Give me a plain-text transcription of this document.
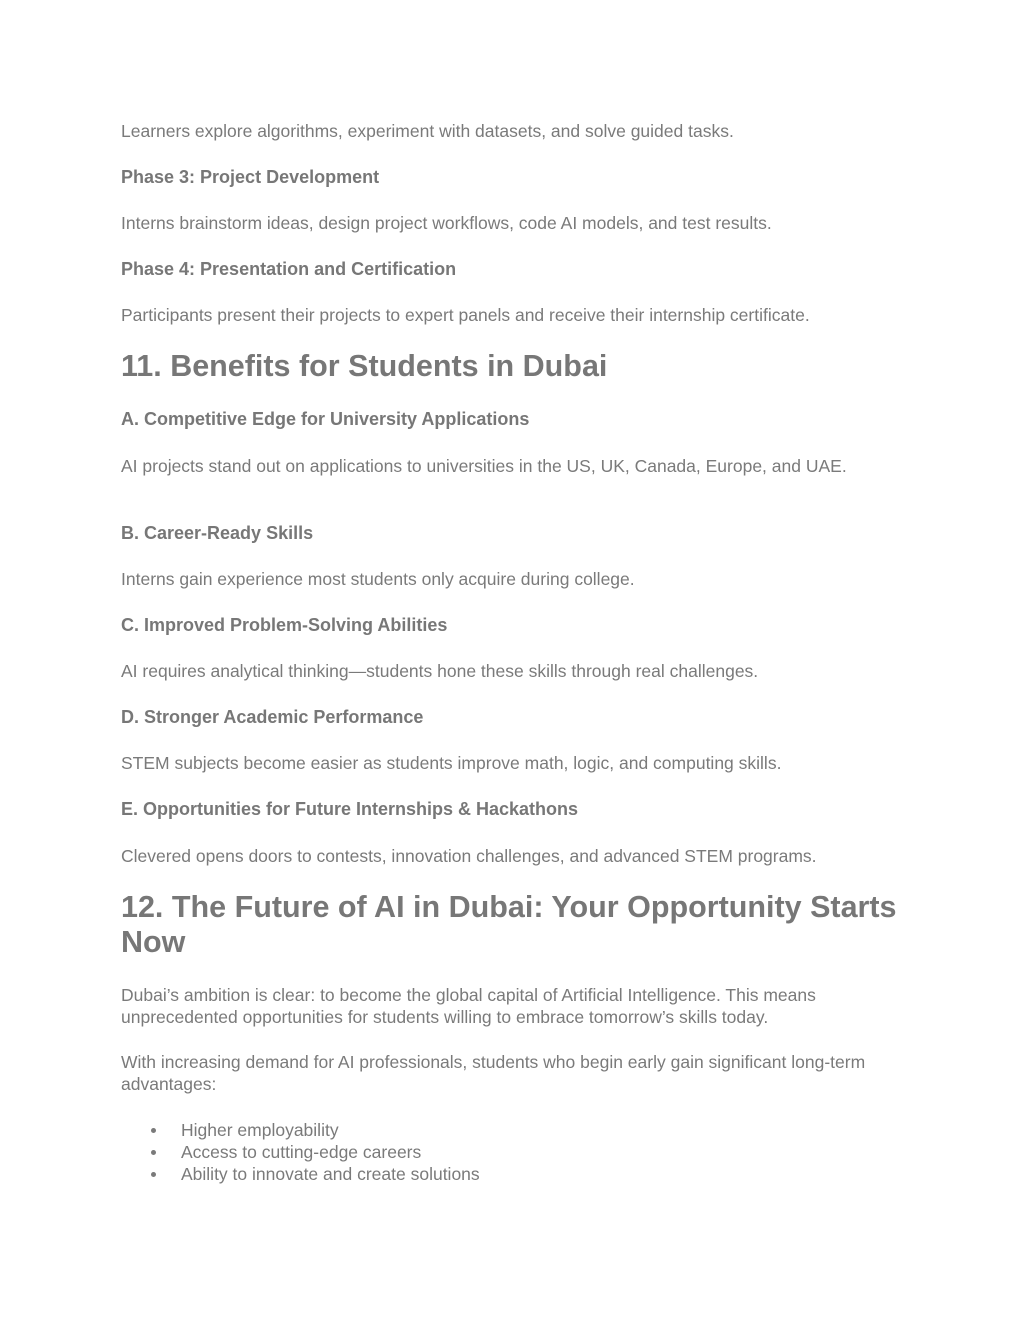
Learners explore algorithms, experiment with datasets, and solve guided tasks.
Phase 3: Project Development
Interns brainstorm ideas, design project workflows, code AI models, and test results.
Phase 4: Presentation and Certification
Participants present their projects to expert panels and receive their internship certificate.
11. Benefits for Students in Dubai
A. Competitive Edge for University Applications
AI projects stand out on applications to universities in the US, UK, Canada, Europe, and UAE.
B. Career-Ready Skills
Interns gain experience most students only acquire during college.
C. Improved Problem-Solving Abilities
AI requires analytical thinking—students hone these skills through real challenges.
D. Stronger Academic Performance
STEM subjects become easier as students improve math, logic, and computing skills.
E. Opportunities for Future Internships & Hackathons
Clevered opens doors to contests, innovation challenges, and advanced STEM programs.
12. The Future of AI in Dubai: Your Opportunity Starts Now
Dubai’s ambition is clear: to become the global capital of Artificial Intelligence. This means unprecedented opportunities for students willing to embrace tomorrow’s skills today.
With increasing demand for AI professionals, students who begin early gain significant long-term advantages:
Higher employability
Access to cutting-edge careers
Ability to innovate and create solutions
